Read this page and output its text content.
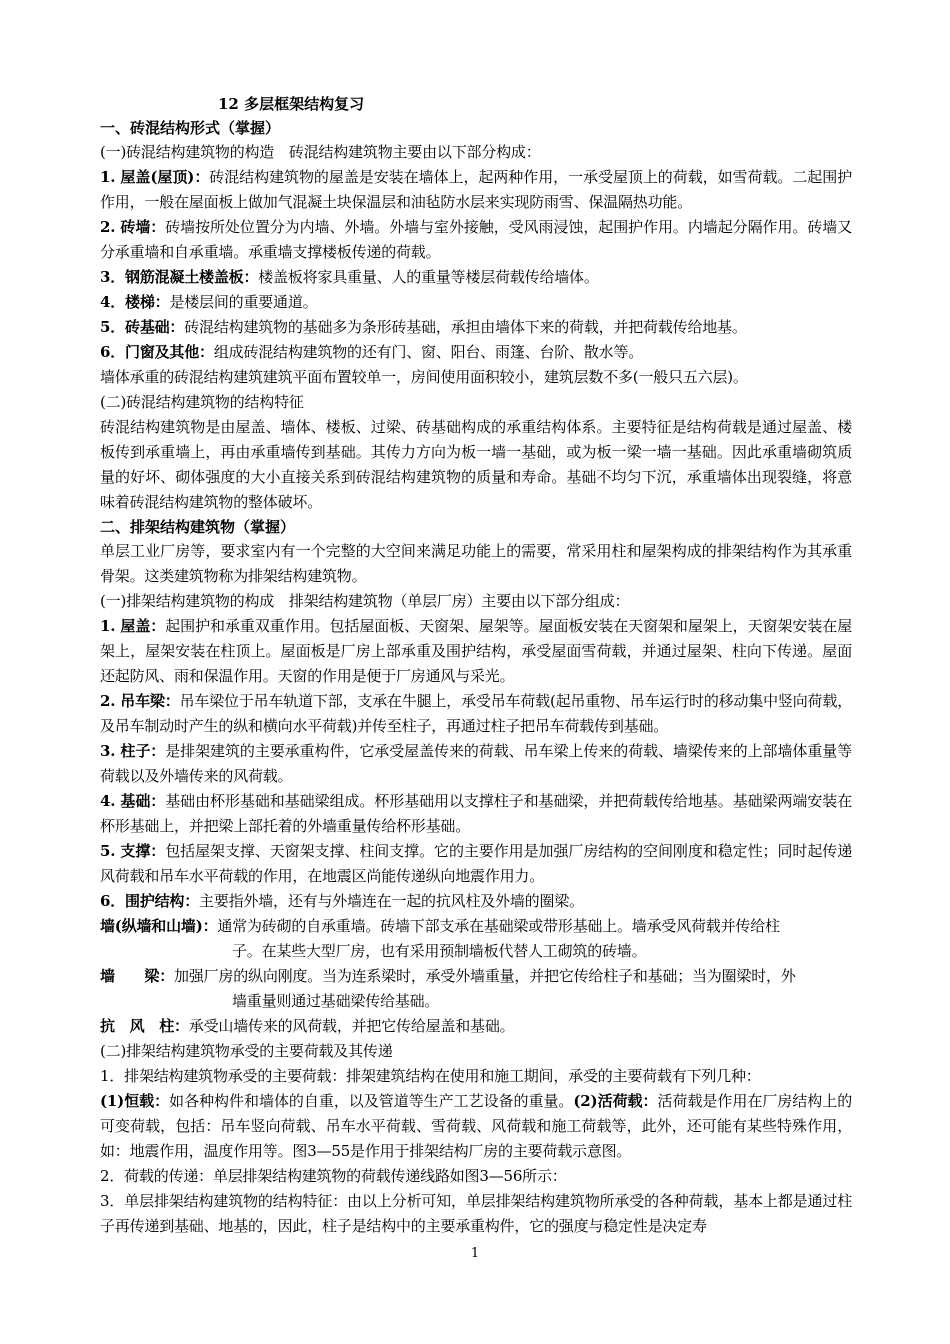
12 多层框架结构复习
一、砖混结构形式（掌握）
(一)砖混结构建筑物的构造　砖混结构建筑物主要由以下部分构成：
1. 屋盖(屋顶)：砖混结构建筑物的屋盖是安装在墙体上，起两种作用，一承受屋顶上的荷载，如雪荷载。二起围护作用，一般在屋面板上做加气混凝土块保温层和油毡防水层来实现防雨雪、保温隔热功能。
2. 砖墙：砖墙按所处位置分为内墙、外墙。外墙与室外接触，受风雨浸蚀，起围护作用。内墙起分隔作用。砖墙又分承重墙和自承重墙。承重墙支撑楼板传递的荷载。
3．钢筋混凝土楼盖板：楼盖板将家具重量、人的重量等楼层荷载传给墙体。
4．楼梯：是楼层间的重要通道。
5．砖基础：砖混结构建筑物的基础多为条形砖基础，承担由墙体下来的荷载，并把荷载传给地基。
6．门窗及其他：组成砖混结构建筑物的还有门、窗、阳台、雨篷、台阶、散水等。
墙体承重的砖混结构建筑建筑平面布置较单一，房间使用面积较小，建筑层数不多(一般只五六层)。
(二)砖混结构建筑物的结构特征
砖混结构建筑物是由屋盖、墙体、楼板、过梁、砖基础构成的承重结构体系。主要特征是结构荷载是通过屋盖、楼板传到承重墙上，再由承重墙传到基础。其传力方向为板一墙一基础，或为板一梁一墙一基础。因此承重墙砌筑质量的好坏、砌体强度的大小直接关系到砖混结构建筑物的质量和寿命。基础不均匀下沉，承重墙体出现裂缝，将意味着砖混结构建筑物的整体破坏。
二、排架结构建筑物（掌握）
单层工业厂房等，要求室内有一个完整的大空间来满足功能上的需要，常采用柱和屋架构成的排架结构作为其承重骨架。这类建筑物称为排架结构建筑物。
(一)排架结构建筑物的构成　排架结构建筑物（单层厂房）主要由以下部分组成：
1. 屋盖：起围护和承重双重作用。包括屋面板、天窗架、屋架等。屋面板安装在天窗架和屋架上，天窗架安装在屋架上，屋架安装在柱顶上。屋面板是厂房上部承重及围护结构，承受屋面雪荷载，并通过屋架、柱向下传递。屋面还起防风、雨和保温作用。天窗的作用是便于厂房通风与采光。
2. 吊车梁：吊车梁位于吊车轨道下部，支承在牛腿上，承受吊车荷载(起吊重物、吊车运行时的移动集中竖向荷载，及吊车制动时产生的纵和横向水平荷载)并传至柱子，再通过柱子把吊车荷载传到基础。
3. 柱子：是排架建筑的主要承重构件，它承受屋盖传来的荷载、吊车梁上传来的荷载、墙梁传来的上部墙体重量等荷载以及外墙传来的风荷载。
4. 基础：基础由杯形基础和基础梁组成。杯形基础用以支撑柱子和基础梁，并把荷载传给地基。基础梁两端安装在杯形基础上，并把梁上部托着的外墙重量传给杯形基础。
5. 支撑：包括屋架支撑、天窗架支撑、柱间支撑。它的主要作用是加强厂房结构的空间刚度和稳定性；同时起传递风荷载和吊车水平荷载的作用，在地震区尚能传递纵向地震作用力。
6．围护结构：主要指外墙，还有与外墙连在一起的抗风柱及外墙的圈梁。
墙(纵墙和山墙)：通常为砖砌的自承重墙。砖墙下部支承在基础梁或带形基础上。墙承受风荷载并传给柱
子。在某些大型厂房，也有采用预制墙板代替人工砌筑的砖墙。
墙　　梁：加强厂房的纵向刚度。当为连系梁时，承受外墙重量，并把它传给柱子和基础；当为圈梁时，外
墙重量则通过基础梁传给基础。
抗　风　柱： 承受山墙传来的风荷载，并把它传给屋盖和基础。
(二)排架结构建筑物承受的主要荷载及其传递
1．排架结构建筑物承受的主要荷载：排架建筑结构在使用和施工期间，承受的主要荷载有下列几种：
(1)恒载：如各种构件和墙体的自重，以及管道等生产工艺设备的重量。(2)活荷载：活荷载是作用在厂房结构上的可变荷载，包括：吊车竖向荷载、吊车水平荷载、雪荷载、风荷载和施工荷载等，此外，还可能有某些特殊作用，如：地震作用，温度作用等。图3—55是作用于排架结构厂房的主要荷载示意图。
2．荷载的传递：单层排架结构建筑物的荷载传递线路如图3—56所示：
3．单层排架结构建筑物的结构特征：由以上分析可知，单层排架结构建筑物所承受的各种荷载，基本上都是通过柱子再传递到基础、地基的，因此，柱子是结构中的主要承重构件，它的强度与稳定性是决定寿
1
